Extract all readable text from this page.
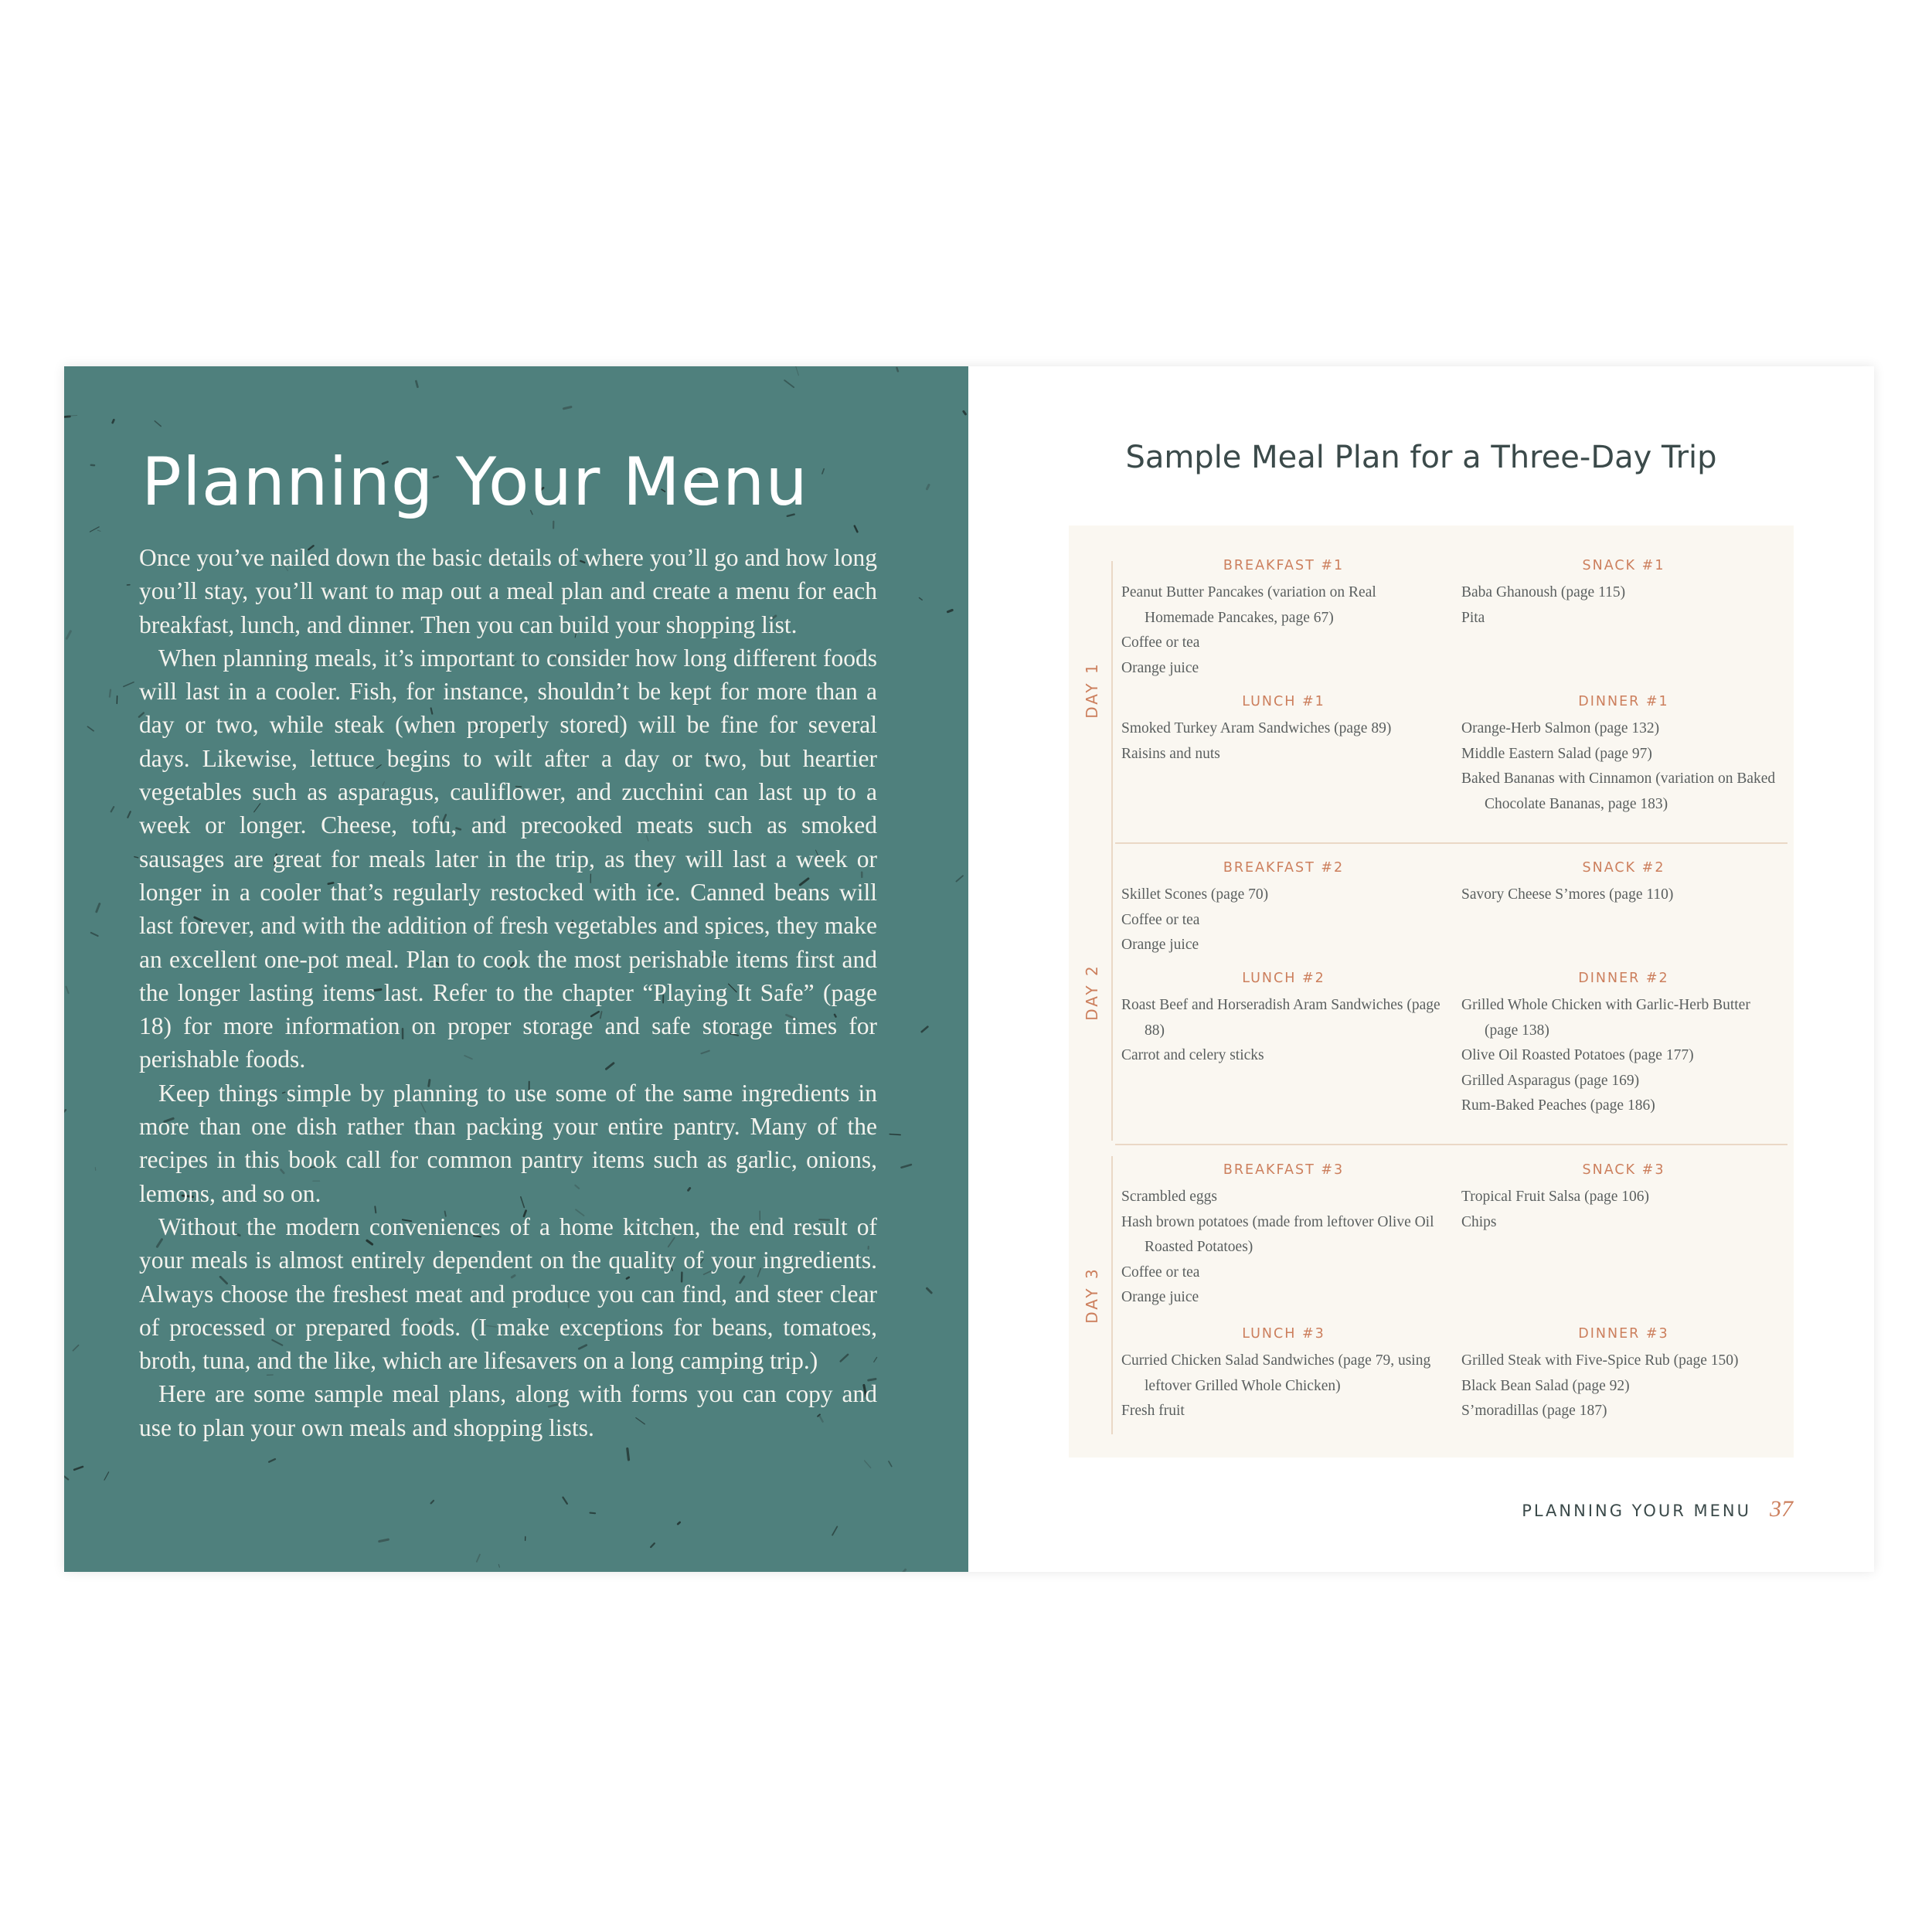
Planning Your Menu

Once you’ve nailed down the basic details of where you’ll go and how long you’ll stay, you’ll want to map out a meal plan and create a menu for each breakfast, lunch, and dinner. Then you can build your shopping list.

When planning meals, it’s important to consider how long different foods will last in a cooler. Fish, for instance, shouldn’t be kept for more than a day or two, while steak (when properly stored) will be fine for several days. Likewise, lettuce begins to wilt after a day or two, but heartier vegetables such as asparagus, cauliflower, and zucchini can last up to a week or longer. Cheese, tofu, and precooked meats such as smoked sausages are great for meals later in the trip, as they will last a week or longer in a cooler that’s regularly restocked with ice. Canned beans will last forever, and with the addition of fresh vegetables and spices, they make an excellent one-pot meal. Plan to cook the most perishable items first and the longer lasting items last. Refer to the chapter “Playing It Safe” (page 18) for more information on proper storage and safe storage times for perishable foods.

Keep things simple by planning to use some of the same ingredients in more than one dish rather than packing your entire pantry. Many of the recipes in this book call for common pantry items such as garlic, onions, lemons, and so on.

Without the modern conveniences of a home kitchen, the end result of your meals is almost entirely dependent on the quality of your ingredients. Always choose the freshest meat and produce you can find, and steer clear of processed or prepared foods. (I make exceptions for beans, tomatoes, broth, tuna, and the like, which are lifesavers on a long camping trip.)

Here are some sample meal plans, along with forms you can copy and use to plan your own meals and shopping lists.

Sample Meal Plan for a Three-Day Trip
DAY 1
BREAKFAST #1
Peanut Butter Pancakes (variation on Real Homemade Pancakes, page 67)
Coffee or tea
Orange juice
SNACK #1
Baba Ghanoush (page 115)
Pita
LUNCH #1
Smoked Turkey Aram Sandwiches (page 89)
Raisins and nuts
DINNER #1
Orange-Herb Salmon (page 132)
Middle Eastern Salad (page 97)
Baked Bananas with Cinnamon (variation on Baked Chocolate Bananas, page 183)
DAY 2
BREAKFAST #2
Skillet Scones (page 70)
Coffee or tea
Orange juice
SNACK #2
Savory Cheese S’mores (page 110)
LUNCH #2
Roast Beef and Horseradish Aram Sandwiches (page 88)
Carrot and celery sticks
DINNER #2
Grilled Whole Chicken with Garlic-Herb Butter (page 138)
Olive Oil Roasted Potatoes (page 177)
Grilled Asparagus (page 169)
Rum-Baked Peaches (page 186)
DAY 3
BREAKFAST #3
Scrambled eggs
Hash brown potatoes (made from leftover Olive Oil Roasted Potatoes)
Coffee or tea
Orange juice
SNACK #3
Tropical Fruit Salsa (page 106)
Chips
LUNCH #3
Curried Chicken Salad Sandwiches (page 79, using leftover Grilled Whole Chicken)
Fresh fruit
DINNER #3
Grilled Steak with Five-Spice Rub (page 150)
Black Bean Salad (page 92)
S’moradillas (page 187)
PLANNING YOUR MENU 37
